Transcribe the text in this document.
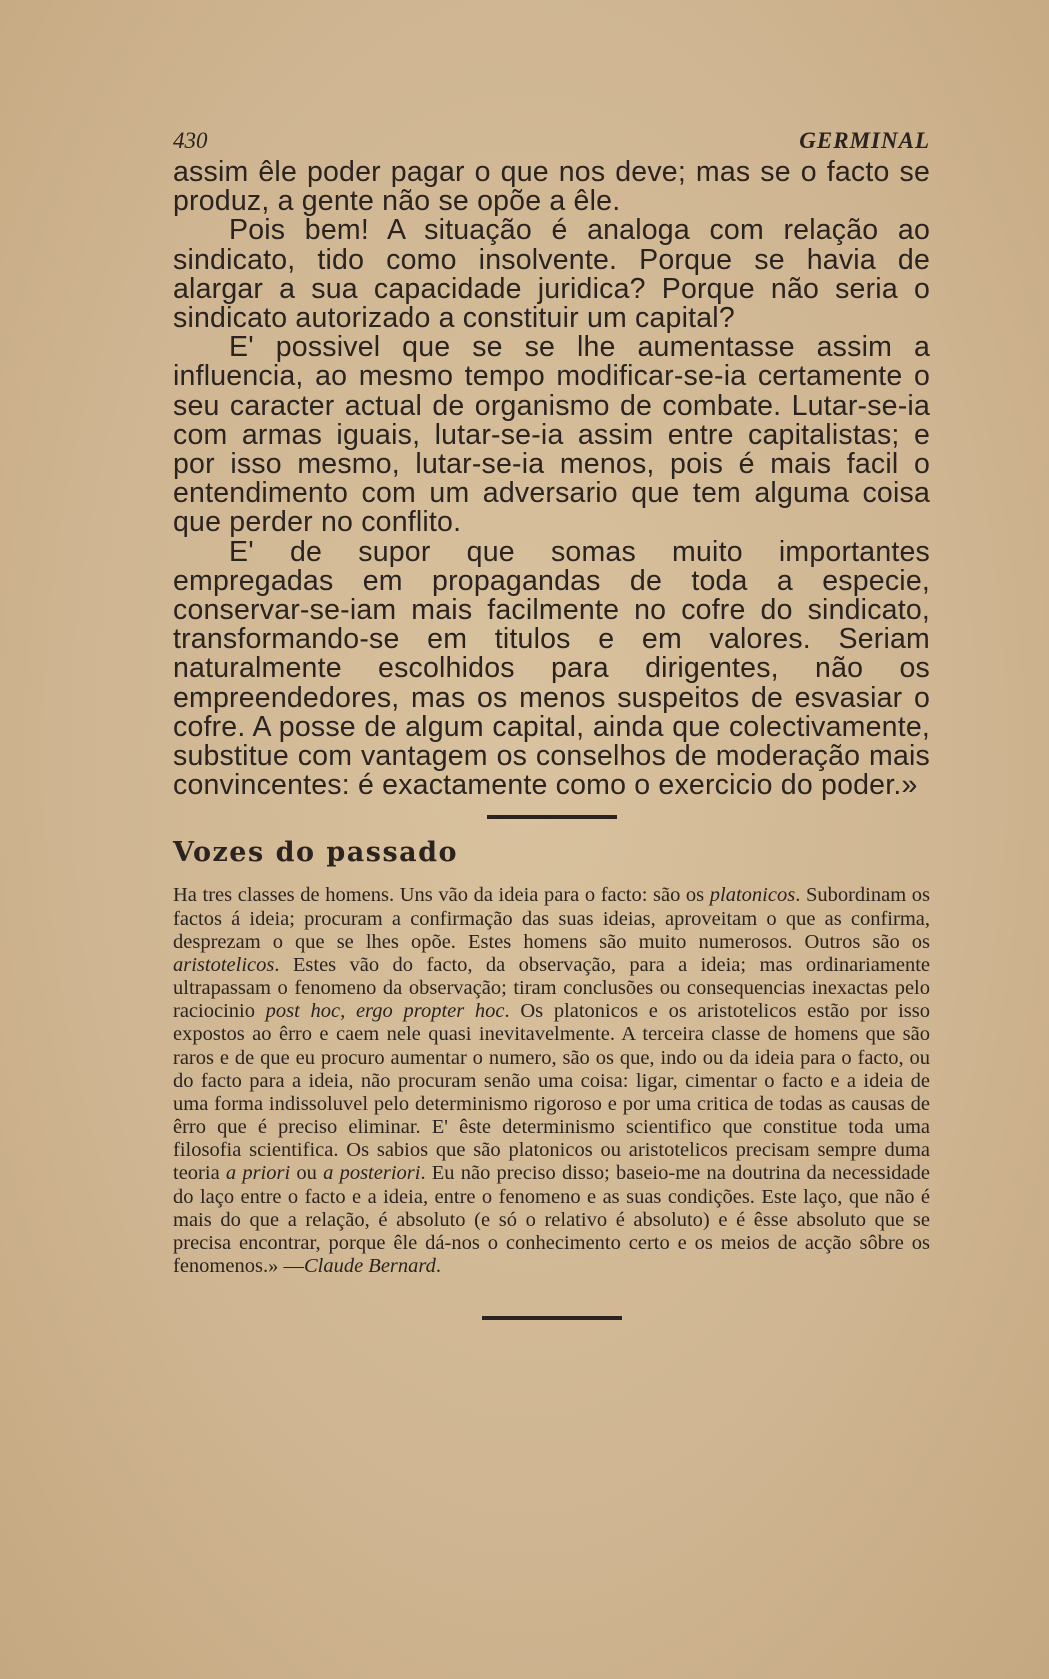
430	GERMINAL

assim êle poder pagar o que nos deve; mas se o facto se produz, a gente não se opõe a êle.

Pois bem! A situação é analoga com relação ao sindicato, tido como insolvente. Porque se havia de alargar a sua capacidade juridica? Porque não seria o sindicato autorizado a constituir um capital?

E' possivel que se se lhe aumentasse assim a influencia, ao mesmo tempo modificar-se-ia certamente o seu caracter actual de organismo de combate. Lutar-se-ia com armas iguais, lutar-se-ia assim entre capitalistas; e por isso mesmo, lutar-se-ia menos, pois é mais facil o entendimento com um adversario que tem alguma coisa que perder no conflito.

E' de supor que somas muito importantes empregadas em propagandas de toda a especie, conservar-se-iam mais facilmente no cofre do sindicato, transformando-se em titulos e em valores. Seriam naturalmente escolhidos para dirigentes, não os empreendedores, mas os menos suspeitos de esvasiar o cofre. A posse de algum capital, ainda que colectivamente, substitue com vantagem os conselhos de moderação mais convincentes: é exactamente como o exercicio do poder.»

Vozes do passado

Ha tres classes de homens. Uns vão da ideia para o facto: são os platonicos. Subordinam os factos á ideia; procuram a confirmação das suas ideias, aproveitam o que as confirma, desprezam o que se lhes opõe. Estes homens são muito numerosos. Outros são os aristotelicos. Estes vão do facto, da observação, para a ideia; mas ordinariamente ultrapassam o fenomeno da observação; tiram conclusões ou consequencias inexactas pelo raciocinio post hoc, ergo propter hoc. Os platonicos e os aristotelicos estão por isso expostos ao êrro e caem nele quasi inevitavelmente. A terceira classe de homens que são raros e de que eu procuro aumentar o numero, são os que, indo ou da ideia para o facto, ou do facto para a ideia, não procuram senão uma coisa: ligar, cimentar o facto e a ideia de uma forma indissoluvel pelo determinismo rigoroso e por uma critica de todas as causas de êrro que é preciso eliminar. E' êste determinismo scientifico que constitue toda uma filosofia scientifica. Os sabios que são platonicos ou aristotelicos precisam sempre duma teoria a priori ou a posteriori. Eu não preciso disso; baseio-me na doutrina da necessidade do laço entre o facto e a ideia, entre o fenomeno e as suas condições. Este laço, que não é mais do que a relação, é absoluto (e só o relativo é absoluto) e é êsse absoluto que se precisa encontrar, porque êle dá-nos o conhecimento certo e os meios de acção sôbre os fenomenos.» —Claude Bernard.
